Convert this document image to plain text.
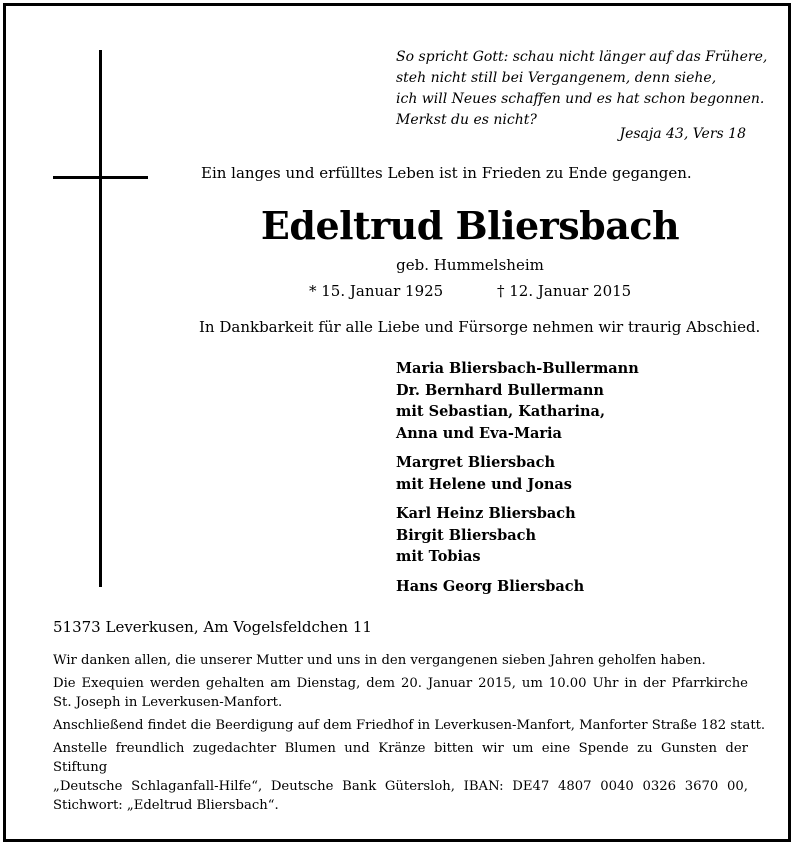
So spricht Gott: schau nicht länger auf das Frühere,
steh nicht still bei Vergangenem, denn siehe,
ich will Neues schaffen und es hat schon begonnen.
Merkst du es nicht?
Jesaja 43, Vers 18
Ein langes und erfülltes Leben ist in Frieden zu Ende gegangen.
Edeltrud Bliersbach
geb. Hummelsheim
* 15. Januar 1925	† 12. Januar 2015
In Dankbarkeit für alle Liebe und Fürsorge nehmen wir traurig Abschied.
Maria Bliersbach-Bullermann
Dr. Bernhard Bullermann
mit Sebastian, Katharina,
Anna und Eva-Maria
Margret Bliersbach
mit Helene und Jonas
Karl Heinz Bliersbach
Birgit Bliersbach
mit Tobias
Hans Georg Bliersbach
51373 Leverkusen, Am Vogelsfeldchen 11
Wir danken allen, die unserer Mutter und uns in den vergangenen sieben Jahren geholfen haben.
Die Exequien werden gehalten am Dienstag, dem 20. Januar 2015, um 10.00 Uhr in der Pfarrkirche
St. Joseph in Leverkusen-Manfort.
Anschließend findet die Beerdigung auf dem Friedhof in Leverkusen-Manfort, Manforter Straße 182 statt.
Anstelle freundlich zugedachter Blumen und Kränze bitten wir um eine Spende zu Gunsten der Stiftung
„Deutsche Schlaganfall-Hilfe“, Deutsche Bank Gütersloh, IBAN: DE47 4807 0040 0326 3670 00,
Stichwort: „Edeltrud Bliersbach“.
